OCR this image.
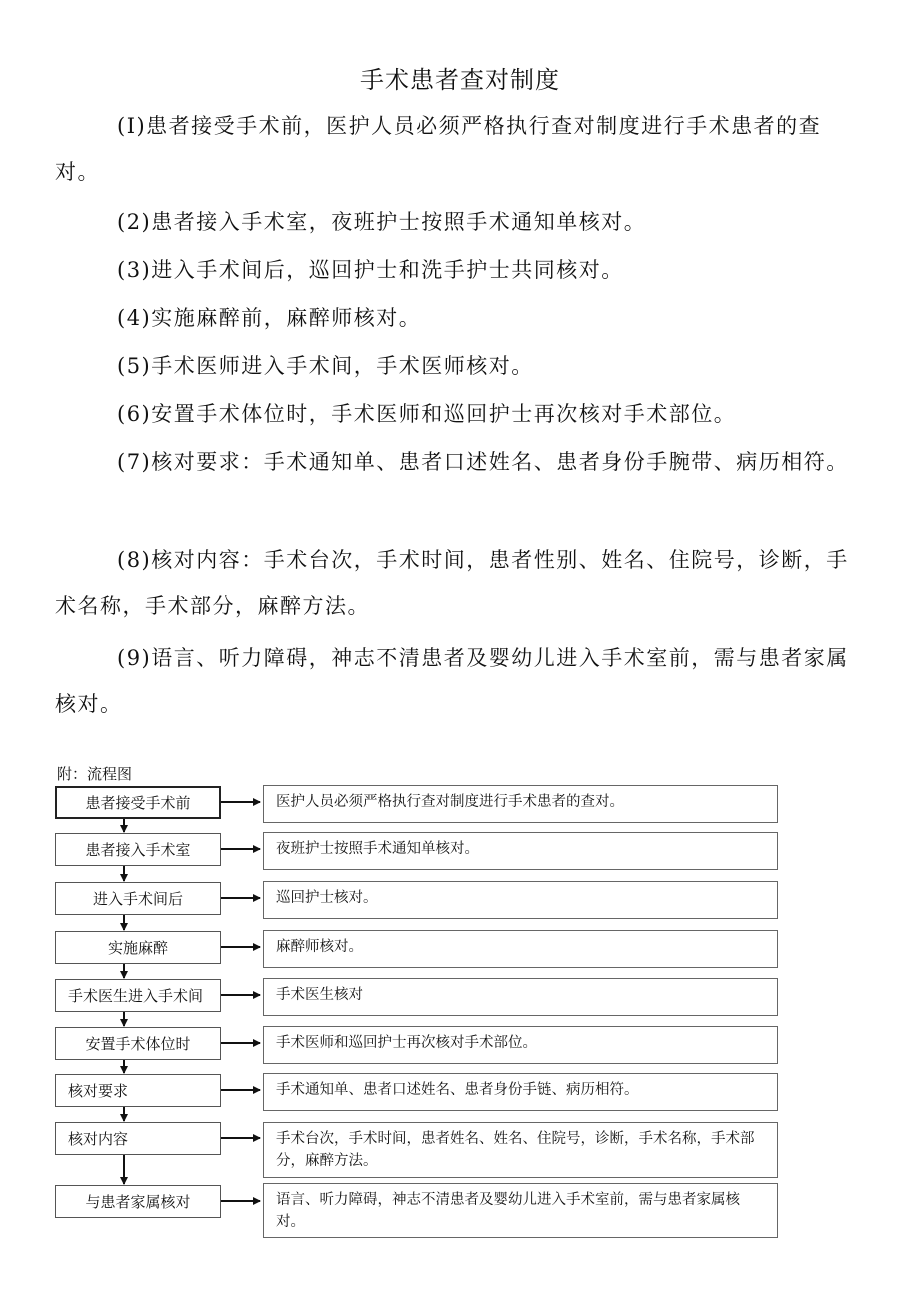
手术患者查对制度
(I)患者接受手术前，医护人员必须严格执行查对制度进行手术患者的查对。
(2)患者接入手术室，夜班护士按照手术通知单核对。
(3)进入手术间后，巡回护士和洗手护士共同核对。
(4)实施麻醉前，麻醉师核对。
(5)手术医师进入手术间，手术医师核对。
(6)安置手术体位时，手术医师和巡回护士再次核对手术部位。
(7)核对要求：手术通知单、患者口述姓名、患者身份手腕带、病历相符。
(8)核对内容：手术台次，手术时间，患者性别、姓名、住院号，诊断，手术名称，手术部分，麻醉方法。
(9)语言、听力障碍，神志不清患者及婴幼儿进入手术室前，需与患者家属核对。
附：流程图
患者接受手术前	医护人员必须严格执行查对制度进行手术患者的查对。
患者接入手术室	夜班护士按照手术通知单核对。
进入手术间后	巡回护士核对。
实施麻醉	麻醉师核对。
手术医生进入手术间	手术医生核对
安置手术体位时	手术医师和巡回护士再次核对手术部位。
核对要求	手术通知单、患者口述姓名、患者身份手链、病历相符。
核对内容	手术台次，手术时间，患者姓名、姓名、住院号，诊断，手术名称，手术部分，麻醉方法。
与患者家属核对	语言、听力障碍，神志不清患者及婴幼儿进入手术室前，需与患者家属核对。
